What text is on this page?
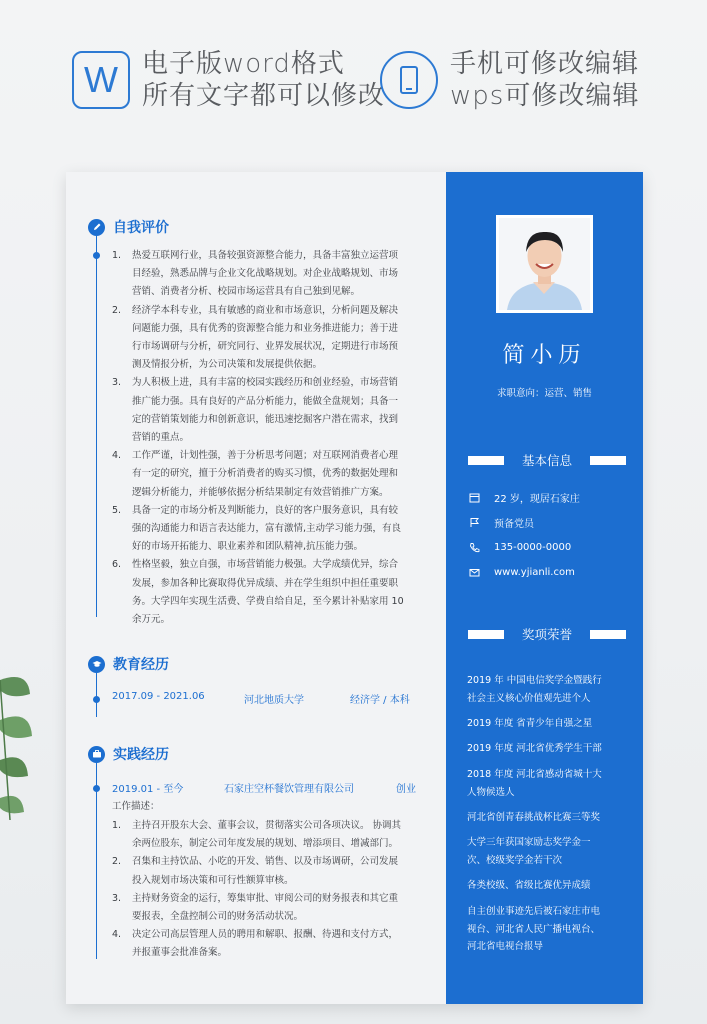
W 电子版word格式
所有文字都可以修改
手机可修改编辑
wps可修改编辑
自我评价
1.	热爱互联网行业，具备较强资源整合能力，具备丰富独立运营项
目经验，熟悉品牌与企业文化战略规划。对企业战略规划、市场
营销、消费者分析、校园市场运营具有自己独到见解。
2.	经济学本科专业，具有敏感的商业和市场意识，分析问题及解决
问题能力强，具有优秀的资源整合能力和业务推进能力；善于进
行市场调研与分析，研究同行、业界发展状况，定期进行市场预
测及情报分析，为公司决策和发展提供依据。
3.	为人积极上进，具有丰富的校园实践经历和创业经验，市场营销
推广能力强。具有良好的产品分析能力，能做全盘规划；具备一
定的营销策划能力和创新意识，能迅速挖掘客户潜在需求，找到
营销的重点。
4.	工作严谨，计划性强，善于分析思考问题；对互联网消费者心理
有一定的研究，擅于分析消费者的购买习惯，优秀的数据处理和
逻辑分析能力，并能够依据分析结果制定有效营销推广方案。
5.	具备一定的市场分析及判断能力，良好的客户服务意识，具有较
强的沟通能力和语言表达能力，富有激情,主动学习能力强，有良
好的市场开拓能力、职业素养和团队精神,抗压能力强。
6.	性格坚毅，独立自强，市场营销能力极强。大学成绩优异，综合
发展，参加各种比赛取得优异成绩、并在学生组织中担任重要职
务。大学四年实现生活费、学费自给自足，至今累计补贴家用 10
余万元。
教育经历
2017.09 - 2021.06	河北地质大学	经济学 / 本科
实践经历
2019.01 - 至今	石家庄空杯餐饮管理有限公司	创业
工作描述：
1.	主持召开股东大会、董事会议，贯彻落实公司各项决议。 协调其
余两位股东，制定公司年度发展的规划、增添项目、增减部门。
2.	召集和主持饮品、小吃的开发、销售、以及市场调研，公司发展
投入规划市场决策和可行性额算审核。
3.	主持财务资金的运行，筹集审批、审阅公司的财务报表和其它重
要报表，全盘控制公司的财务活动状况。
4.	决定公司高层管理人员的聘用和解职、报酬、待遇和支付方式，
并报董事会批准备案。
简小历
求职意向：运营、销售
基本信息
22 岁，现居石家庄
预备党员
135-0000-0000
www.yjianli.com
奖项荣誉
2019 年 中国电信奖学金暨践行
社会主义核心价值观先进个人
2019 年度 省青少年自强之星
2019 年度 河北省优秀学生干部
2018 年度 河北省感动省城十大
人物候选人
河北省创青春挑战杯比赛三等奖
大学三年获国家励志奖学金一
次、校级奖学金若干次
各类校级、省级比赛优异成绩
自主创业事迹先后被石家庄市电
视台、河北省人民广播电视台、
河北省电视台报导
